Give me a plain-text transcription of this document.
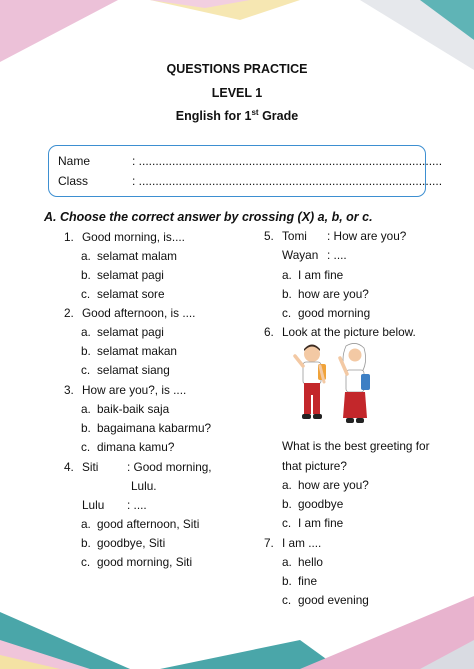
QUESTIONS PRACTICE
LEVEL 1
English for 1st Grade
Name	: ...........................................................................................
Class	: ...........................................................................................
A. Choose the correct answer by crossing (X) a, b, or c.
1. Good morning, is....
a. selamat malam
b. selamat pagi
c. selamat sore
2. Good afternoon, is ....
a. selamat pagi
b. selamat makan
c. selamat siang
3. How are you?, is ....
a. baik-baik saja
b. bagaimana kabarmu?
c. dimana kamu?
4. Siti : Good morning,
Lulu.
Lulu : ....
a. good afternoon, Siti
b. goodbye, Siti
c. good morning, Siti
5. Tomi : How are you?
Wayan : ....
a. I am fine
b. how are you?
c. good morning
6. Look at the picture below.
What is the best greeting for
that picture?
a. how are you?
b. goodbye
c. I am fine
7. I am ....
a. hello
b. fine
c. good evening
